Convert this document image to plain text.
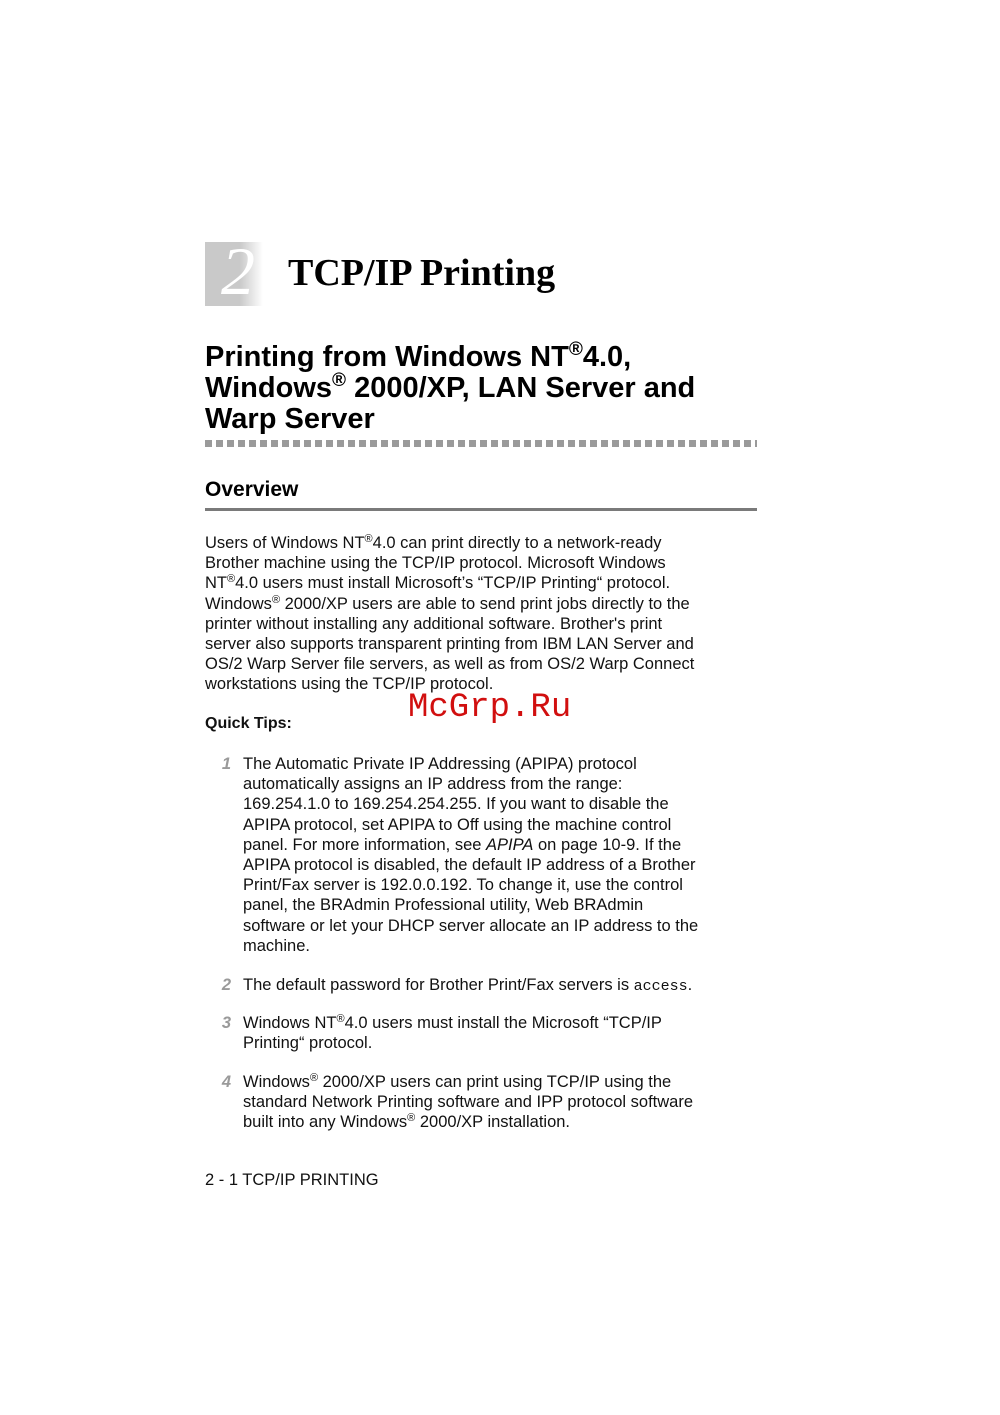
2 TCP/IP Printing
Printing from Windows NT®4.0,
Windows® 2000/XP, LAN Server and
Warp Server
Overview
Users of Windows NT®4.0 can print directly to a network-ready
Brother machine using the TCP/IP protocol. Microsoft Windows
NT®4.0 users must install Microsoft’s “TCP/IP Printing“ protocol.
Windows® 2000/XP users are able to send print jobs directly to the
printer without installing any additional software. Brother's print
server also supports transparent printing from IBM LAN Server and
OS/2 Warp Server file servers, as well as from OS/2 Warp Connect
workstations using the TCP/IP protocol.
Quick Tips:	McGrp.Ru
1 The Automatic Private IP Addressing (APIPA) protocol
automatically assigns an IP address from the range:
169.254.1.0 to 169.254.254.255. If you want to disable the
APIPA protocol, set APIPA to Off using the machine control
panel. For more information, see APIPA on page 10-9. If the
APIPA protocol is disabled, the default IP address of a Brother
Print/Fax server is 192.0.0.192. To change it, use the control
panel, the BRAdmin Professional utility, Web BRAdmin
software or let your DHCP server allocate an IP address to the
machine.
2 The default password for Brother Print/Fax servers is access.
3 Windows NT®4.0 users must install the Microsoft “TCP/IP
Printing“ protocol.
4 Windows® 2000/XP users can print using TCP/IP using the
standard Network Printing software and IPP protocol software
built into any Windows® 2000/XP installation.
2 - 1 TCP/IP PRINTING
